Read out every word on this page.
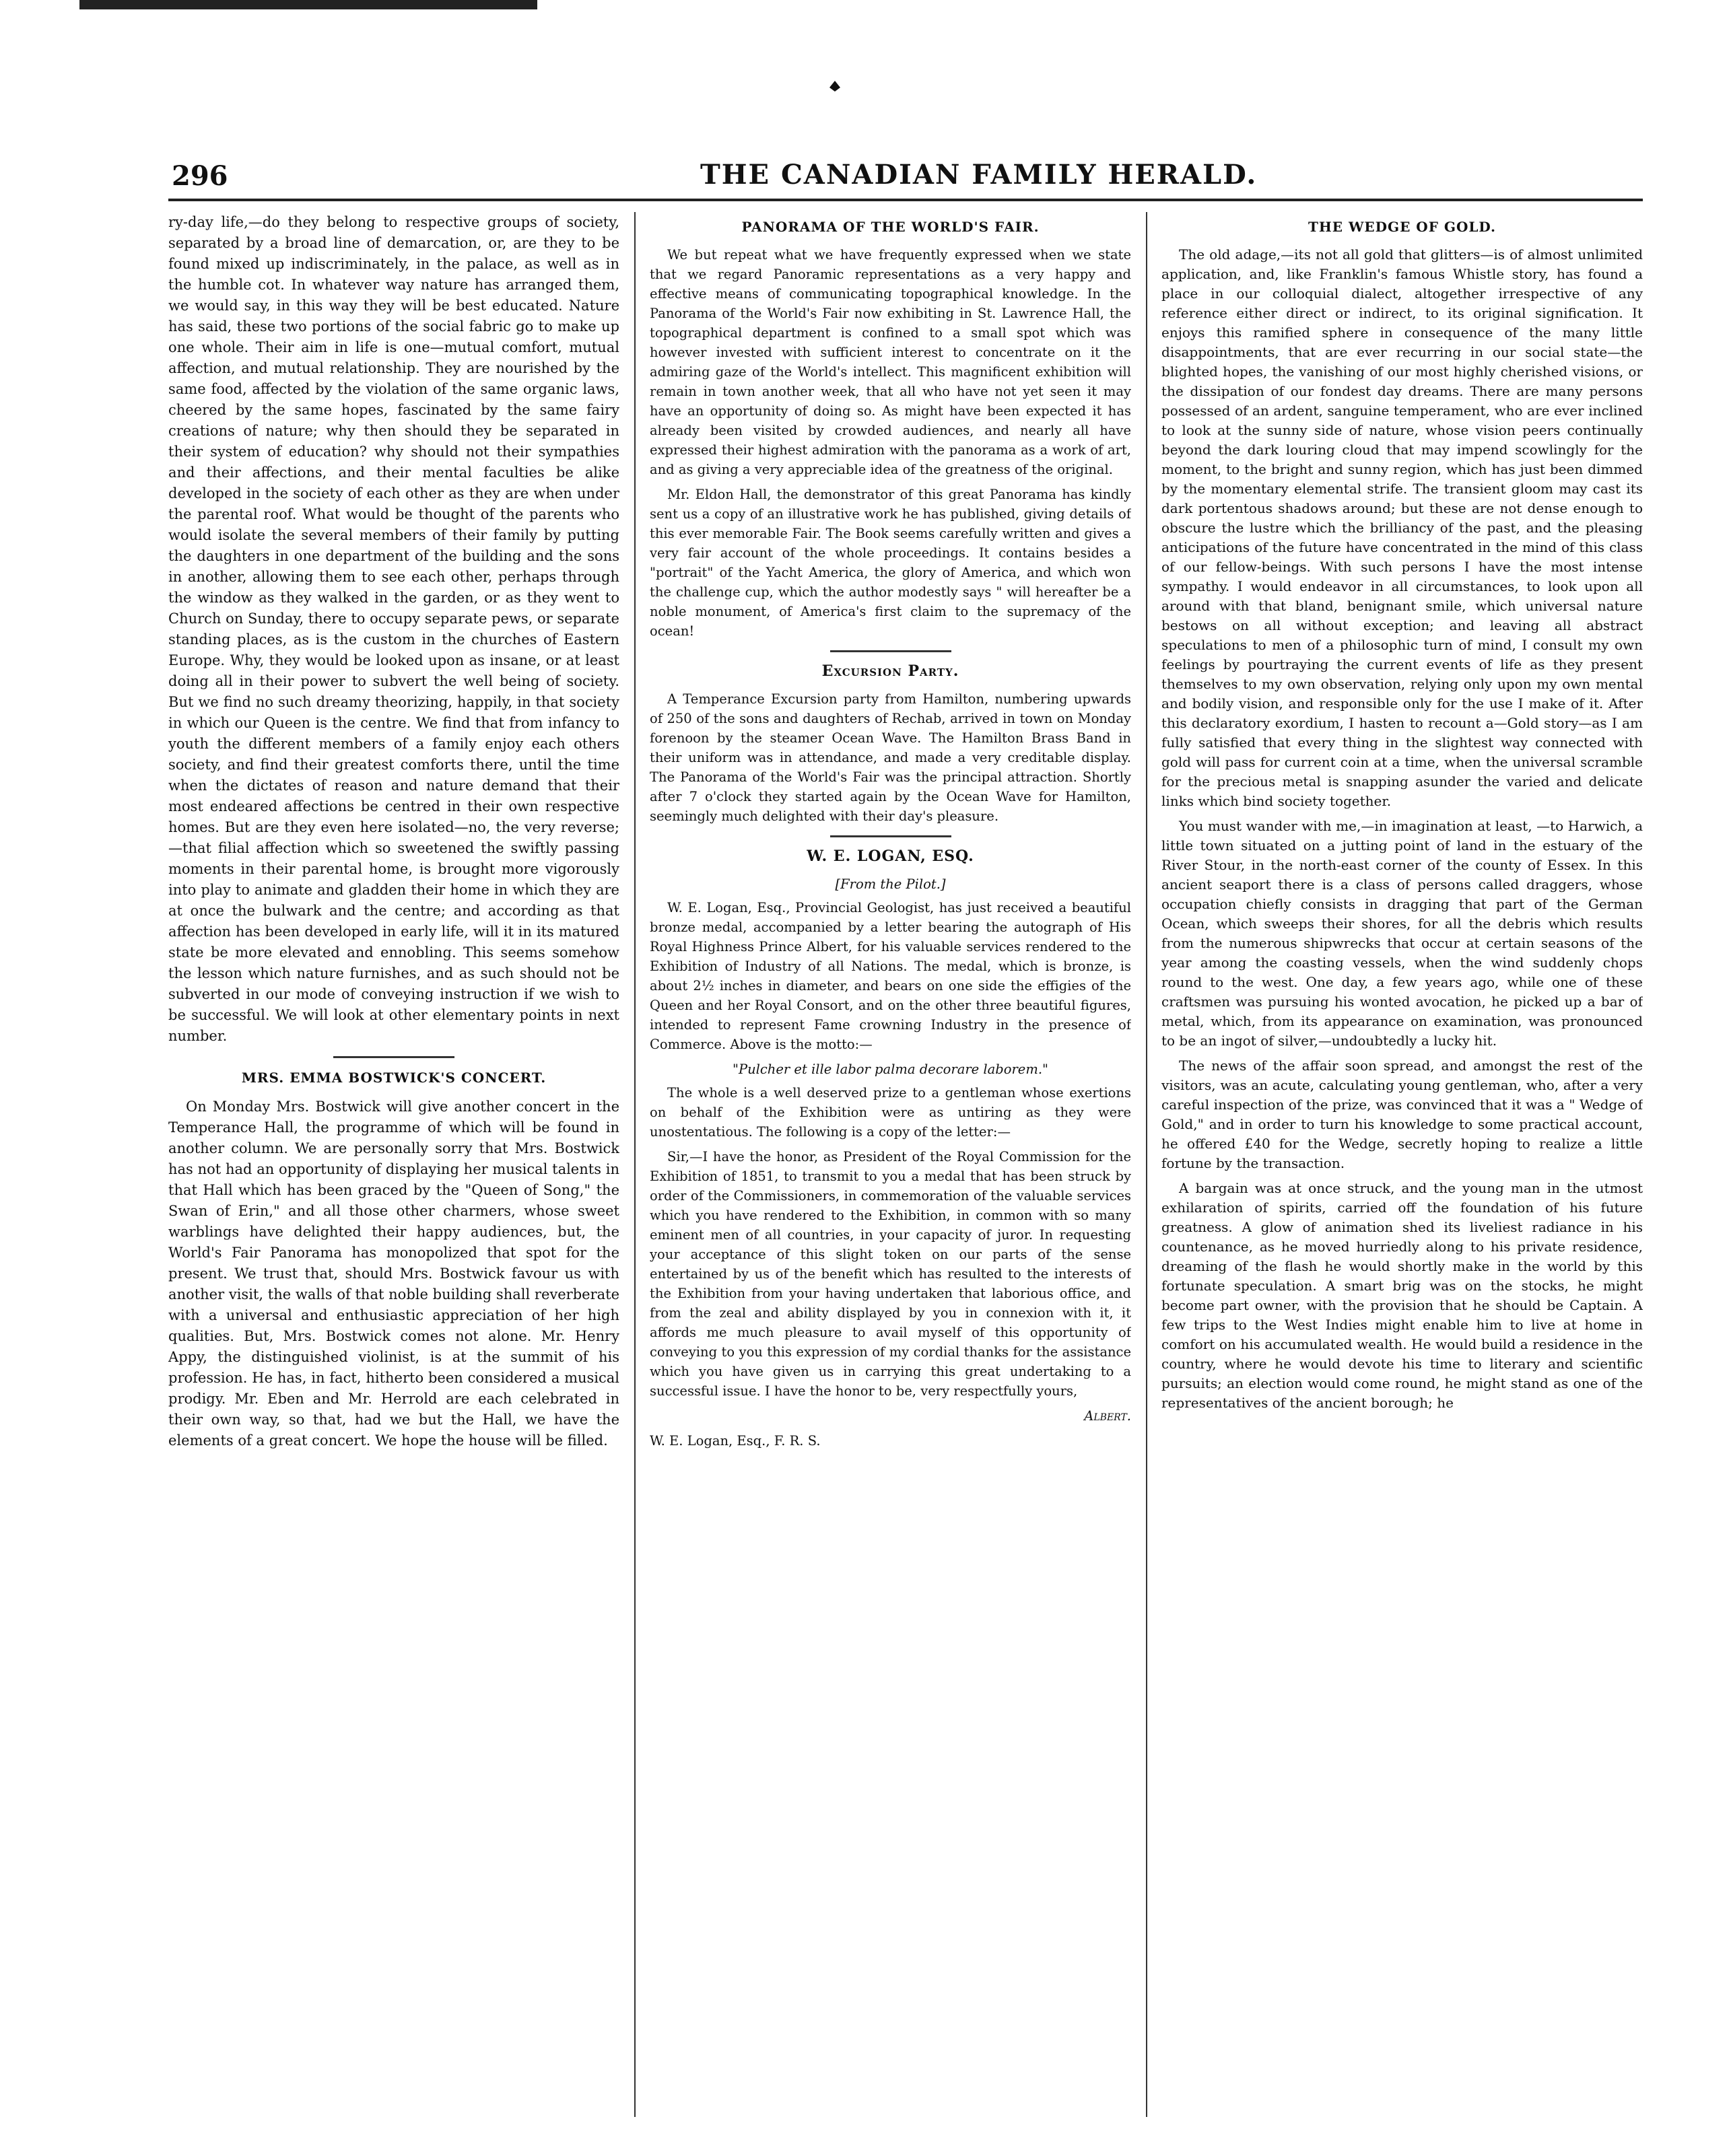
296	THE CANADIAN FAMILY HERALD.

ry-day life,—do they belong to respective groups of society, separated by a broad line of demarcation, or, are they to be found mixed up indiscriminately, in the palace, as well as in the humble cot. In whatever way nature has arranged them, we would say, in this way they will be best educated. Nature has said, these two portions of the social fabric go to make up one whole. Their aim in life is one—mutual comfort, mutual affection, and mutual relationship. They are nourished by the same food, affected by the violation of the same organic laws, cheered by the same hopes, fascinated by the same fairy creations of nature; why then should they be separated in their system of education? why should not their sympathies and their affections, and their mental faculties be alike developed in the society of each other as they are when under the parental roof. What would be thought of the parents who would isolate the several members of their family by putting the daughters in one department of the building and the sons in another, allowing them to see each other, perhaps through the window as they walked in the garden, or as they went to Church on Sunday, there to occupy separate pews, or separate standing places, as is the custom in the churches of Eastern Europe. Why, they would be looked upon as insane, or at least doing all in their power to subvert the well being of society. But we find no such dreamy theorizing, happily, in that society in which our Queen is the centre. We find that from infancy to youth the different members of a family enjoy each others society, and find their greatest comforts there, until the time when the dictates of reason and nature demand that their most endeared affections be centred in their own respective homes. But are they even here isolated—no, the very reverse;—that filial affection which so sweetened the swiftly passing moments in their parental home, is brought more vigorously into play to animate and gladden their home in which they are at once the bulwark and the centre; and according as that affection has been developed in early life, will it in its matured state be more elevated and ennobling. This seems somehow the lesson which nature furnishes, and as such should not be subverted in our mode of conveying instruction if we wish to be successful. We will look at other elementary points in next number.

MRS. EMMA BOSTWICK'S CONCERT.

On Monday Mrs. Bostwick will give another concert in the Temperance Hall, the programme of which will be found in another column. We are personally sorry that Mrs. Bostwick has not had an opportunity of displaying her musical talents in that Hall which has been graced by the "Queen of Song," the Swan of Erin," and all those other charmers, whose sweet warblings have delighted their happy audiences, but, the World's Fair Panorama has monopolized that spot for the present. We trust that, should Mrs. Bostwick favour us with another visit, the walls of that noble building shall reverberate with a universal and enthusiastic appreciation of her high qualities. But, Mrs. Bostwick comes not alone. Mr. Henry Appy, the distinguished violinist, is at the summit of his profession. He has, in fact, hitherto been considered a musical prodigy. Mr. Eben and Mr. Herrold are each celebrated in their own way, so that, had we but the Hall, we have the elements of a great concert. We hope the house will be filled.

PANORAMA OF THE WORLD'S FAIR.

We but repeat what we have frequently expressed when we state that we regard Panoramic representations as a very happy and effective means of communicating topographical knowledge. In the Panorama of the World's Fair now exhibiting in St. Lawrence Hall, the topographical department is confined to a small spot which was however invested with sufficient interest to concentrate on it the admiring gaze of the World's intellect. This magnificent exhibition will remain in town another week, that all who have not yet seen it may have an opportunity of doing so. As might have been expected it has already been visited by crowded audiences, and nearly all have expressed their highest admiration with the panorama as a work of art, and as giving a very appreciable idea of the greatness of the original.

Mr. Eldon Hall, the demonstrator of this great Panorama has kindly sent us a copy of an illustrative work he has published, giving details of this ever memorable Fair. The Book seems carefully written and gives a very fair account of the whole proceedings. It contains besides a "portrait" of the Yacht America, the glory of America, and which won the challenge cup, which the author modestly says " will hereafter be a noble monument, of America's first claim to the supremacy of the ocean!

Excursion Party.

A Temperance Excursion party from Hamilton, numbering upwards of 250 of the sons and daughters of Rechab, arrived in town on Monday forenoon by the steamer Ocean Wave. The Hamilton Brass Band in their uniform was in attendance, and made a very creditable display. The Panorama of the World's Fair was the principal attraction. Shortly after 7 o'clock they started again by the Ocean Wave for Hamilton, seemingly much delighted with their day's pleasure.

W. E. LOGAN, ESQ.
[From the Pilot.]

W. E. Logan, Esq., Provincial Geologist, has just received a beautiful bronze medal, accompanied by a letter bearing the autograph of His Royal Highness Prince Albert, for his valuable services rendered to the Exhibition of Industry of all Nations. The medal, which is bronze, is about 2½ inches in diameter, and bears on one side the effigies of the Queen and her Royal Consort, and on the other three beautiful figures, intended to represent Fame crowning Industry in the presence of Commerce. Above is the motto:—

"Pulcher et ille labor palma decorare laborem."

The whole is a well deserved prize to a gentleman whose exertions on behalf of the Exhibition were as untiring as they were unostentatious. The following is a copy of the letter:—

Sir,—I have the honor, as President of the Royal Commission for the Exhibition of 1851, to transmit to you a medal that has been struck by order of the Commissioners, in commemoration of the valuable services which you have rendered to the Exhibition, in common with so many eminent men of all countries, in your capacity of juror. In requesting your acceptance of this slight token on our parts of the sense entertained by us of the benefit which has resulted to the interests of the Exhibition from your having undertaken that laborious office, and from the zeal and ability displayed by you in connexion with it, it affords me much pleasure to avail myself of this opportunity of conveying to you this expression of my cordial thanks for the assistance which you have given us in carrying this great undertaking to a successful issue. I have the honor to be, very respectfully yours,

Albert.

W. E. Logan, Esq., F. R. S.

THE WEDGE OF GOLD.

The old adage,—its not all gold that glitters—is of almost unlimited application, and, like Franklin's famous Whistle story, has found a place in our colloquial dialect, altogether irrespective of any reference either direct or indirect, to its original signification. It enjoys this ramified sphere in consequence of the many little disappointments, that are ever recurring in our social state—the blighted hopes, the vanishing of our most highly cherished visions, or the dissipation of our fondest day dreams. There are many persons possessed of an ardent, sanguine temperament, who are ever inclined to look at the sunny side of nature, whose vision peers continually beyond the dark louring cloud that may impend scowlingly for the moment, to the bright and sunny region, which has just been dimmed by the momentary elemental strife. The transient gloom may cast its dark portentous shadows around; but these are not dense enough to obscure the lustre which the brilliancy of the past, and the pleasing anticipations of the future have concentrated in the mind of this class of our fellow-beings. With such persons I have the most intense sympathy. I would endeavor in all circumstances, to look upon all around with that bland, benignant smile, which universal nature bestows on all without exception; and leaving all abstract speculations to men of a philosophic turn of mind, I consult my own feelings by pourtraying the current events of life as they present themselves to my own observation, relying only upon my own mental and bodily vision, and responsible only for the use I make of it. After this declaratory exordium, I hasten to recount a—Gold story—as I am fully satisfied that every thing in the slightest way connected with gold will pass for current coin at a time, when the universal scramble for the precious metal is snapping asunder the varied and delicate links which bind society together.

You must wander with me,—in imagination at least, —to Harwich, a little town situated on a jutting point of land in the estuary of the River Stour, in the north-east corner of the county of Essex. In this ancient seaport there is a class of persons called draggers, whose occupation chiefly consists in dragging that part of the German Ocean, which sweeps their shores, for all the debris which results from the numerous shipwrecks that occur at certain seasons of the year among the coasting vessels, when the wind suddenly chops round to the west. One day, a few years ago, while one of these craftsmen was pursuing his wonted avocation, he picked up a bar of metal, which, from its appearance on examination, was pronounced to be an ingot of silver,—undoubtedly a lucky hit.

The news of the affair soon spread, and amongst the rest of the visitors, was an acute, calculating young gentleman, who, after a very careful inspection of the prize, was convinced that it was a " Wedge of Gold," and in order to turn his knowledge to some practical account, he offered £40 for the Wedge, secretly hoping to realize a little fortune by the transaction.

A bargain was at once struck, and the young man in the utmost exhilaration of spirits, carried off the foundation of his future greatness. A glow of animation shed its liveliest radiance in his countenance, as he moved hurriedly along to his private residence, dreaming of the flash he would shortly make in the world by this fortunate speculation. A smart brig was on the stocks, he might become part owner, with the provision that he should be Captain. A few trips to the West Indies might enable him to live at home in comfort on his accumulated wealth. He would build a residence in the country, where he would devote his time to literary and scientific pursuits; an election would come round, he might stand as one of the representatives of the ancient borough; he
